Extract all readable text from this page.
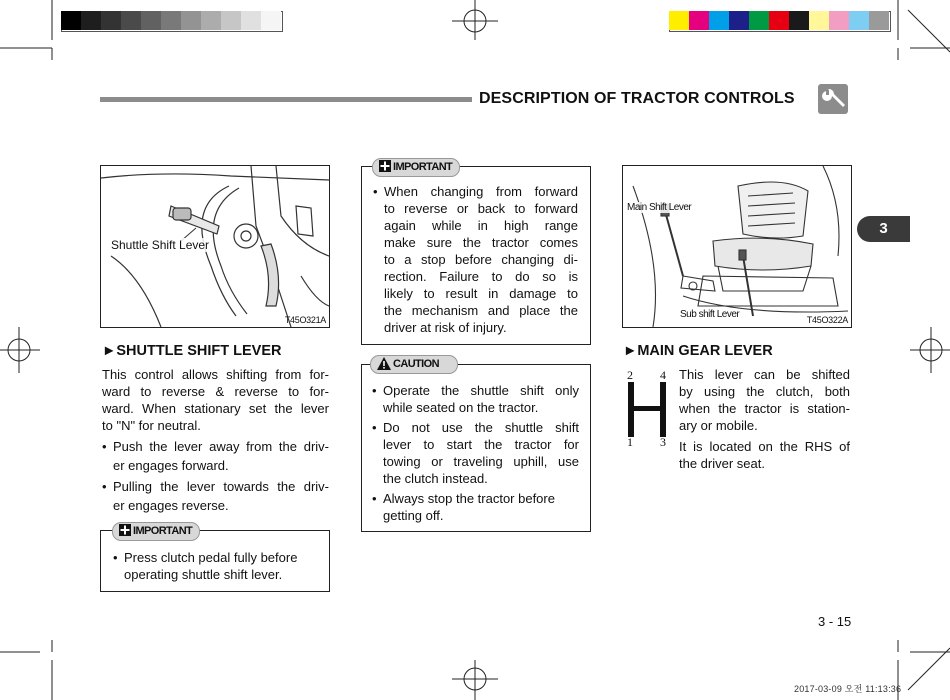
DESCRIPTION OF TRACTOR CONTROLS
3
Shuttle Shift Lever
T45O321A
►SHUTTLE SHIFT LEVER
This control allows shifting from for-
ward to reverse & reverse to for-
ward. When stationary set the lever
to "N" for neutral.
• Push the lever away from the driv-
er engages forward.
• Pulling the lever towards the driv-
er engages reverse.
IMPORTANT
• Press clutch pedal fully before
operating shuttle shift lever.
IMPORTANT
• When changing from forward
to reverse or back to forward
again while in high range
make sure the tractor comes
to a stop before changing di-
rection. Failure to do so is
likely to result in damage to
the mechanism and place the
driver at risk of injury.
CAUTION
• Operate the shuttle shift only
while seated on the tractor.
• Do not use the shuttle shift
lever to start the tractor for
towing or traveling uphill, use
the clutch instead.
• Always stop the tractor before
getting off.
Main Shift Lever
Sub shift Lever	T45O322A
►MAIN GEAR LEVER
2 4
1 3
This lever can be shifted
by using the clutch, both
when the tractor is station-
ary or mobile.
It is located on the RHS of
the driver seat.
3 - 15
2017-03-09 오전 11:13:36
